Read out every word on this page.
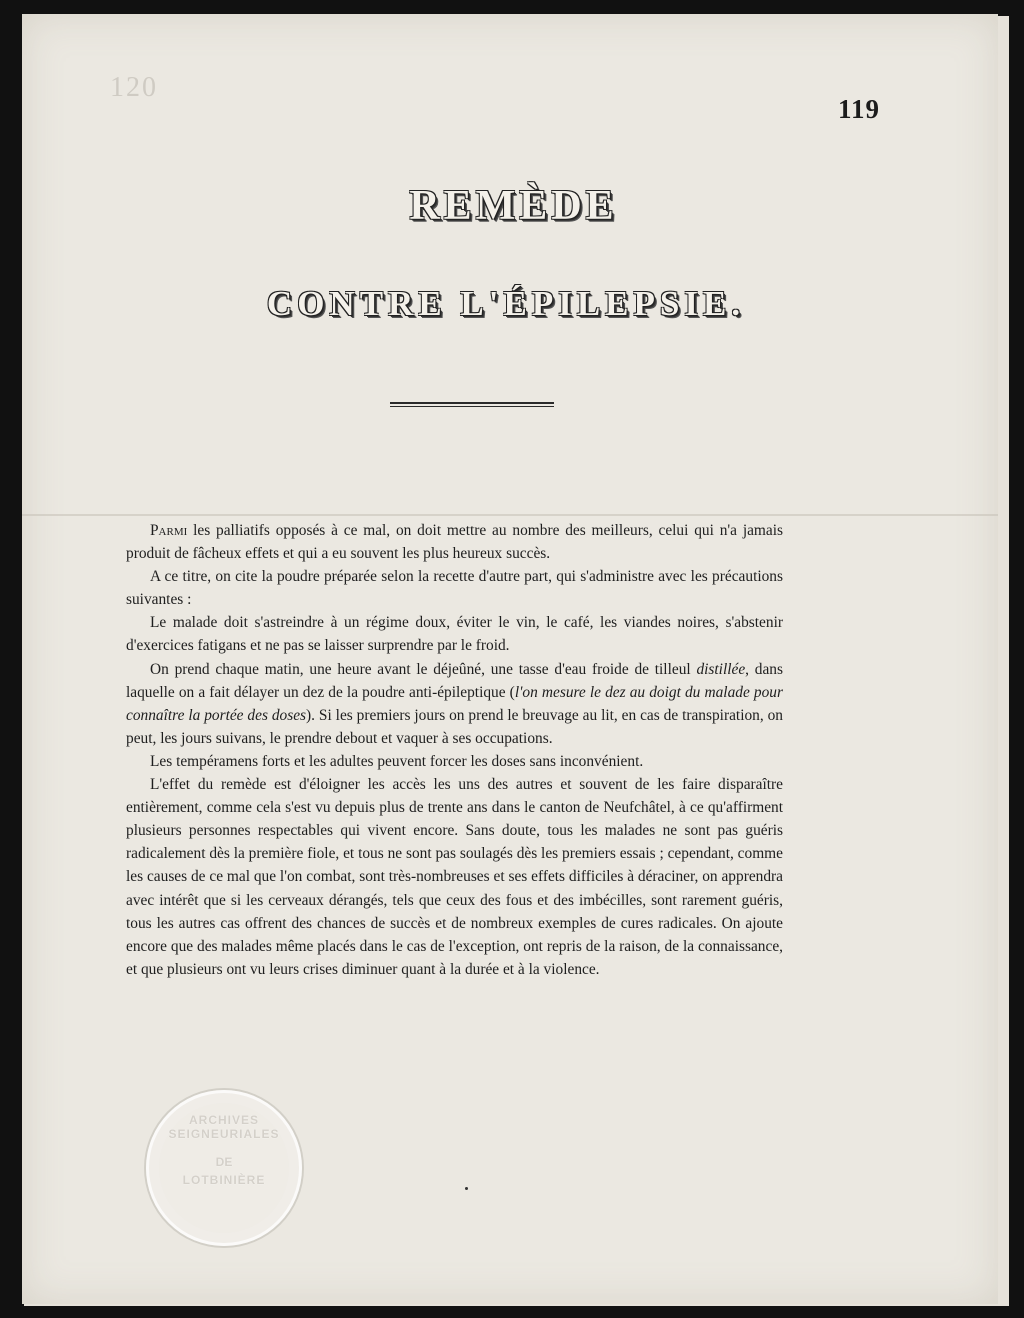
120
119
REMÈDE
CONTRE L'ÉPILEPSIE.

Parmi les palliatifs opposés à ce mal, on doit mettre au nombre des meilleurs, celui qui n'a jamais produit de fâcheux effets et qui a eu souvent les plus heureux succès.

A ce titre, on cite la poudre préparée selon la recette d'autre part, qui s'administre avec les précautions suivantes :

Le malade doit s'astreindre à un régime doux, éviter le vin, le café, les viandes noires, s'abstenir d'exercices fatigans et ne pas se laisser surprendre par le froid.

On prend chaque matin, une heure avant le déjeûné, une tasse d'eau froide de tilleul distillée, dans laquelle on a fait délayer un dez de la poudre anti-épileptique (l'on mesure le dez au doigt du malade pour connaître la portée des doses). Si les premiers jours on prend le breuvage au lit, en cas de transpiration, on peut, les jours suivans, le prendre debout et vaquer à ses occupations.

Les tempéramens forts et les adultes peuvent forcer les doses sans inconvénient.

L'effet du remède est d'éloigner les accès les uns des autres et souvent de les faire disparaître entièrement, comme cela s'est vu depuis plus de trente ans dans le canton de Neufchâtel, à ce qu'affirment plusieurs personnes respectables qui vivent encore. Sans doute, tous les malades ne sont pas guéris radicalement dès la première fiole, et tous ne sont pas soulagés dès les premiers essais ; cependant, comme les causes de ce mal que l'on combat, sont très-nombreuses et ses effets difficiles à déraciner, on apprendra avec intérêt que si les cerveaux dérangés, tels que ceux des fous et des imbécilles, sont rarement guéris, tous les autres cas offrent des chances de succès et de nombreux exemples de cures radicales. On ajoute encore que des malades même placés dans le cas de l'exception, ont repris de la raison, de la connaissance, et que plusieurs ont vu leurs crises diminuer quant à la durée et à la violence.

ARCHIVES SEIGNEURIALES
DE
LOTBINIÈRE
